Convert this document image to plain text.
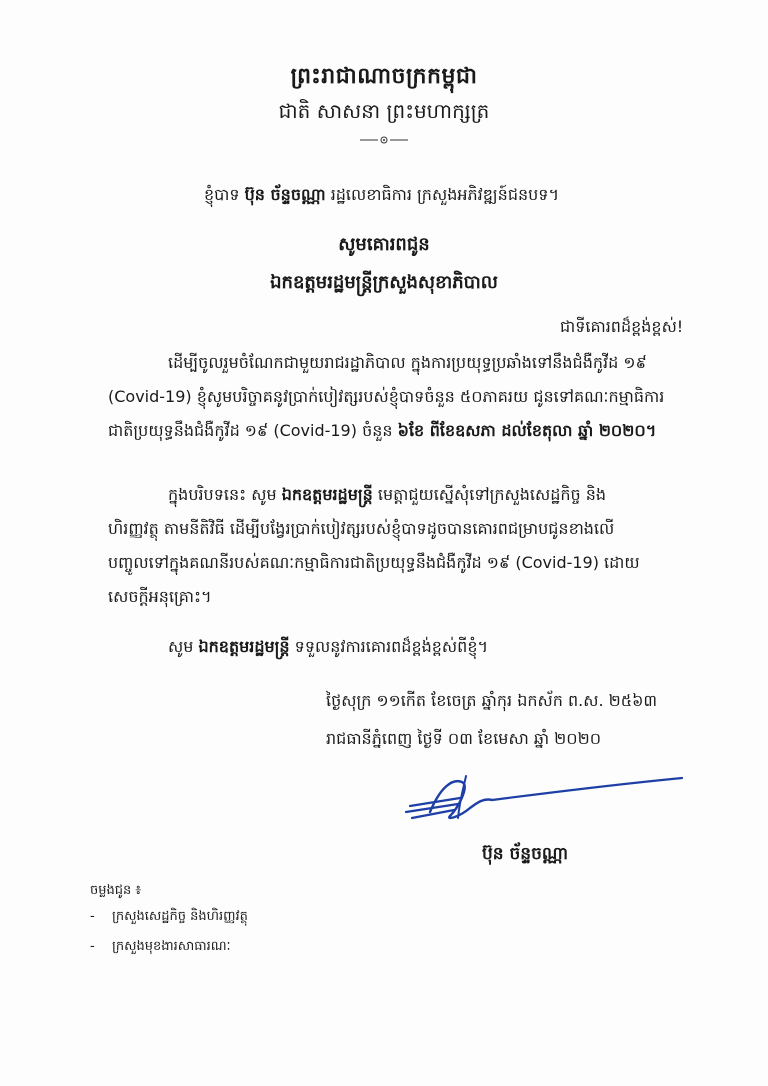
ព្រះរាជាណាចក្រកម្ពុជា
ជាតិ សាសនា ព្រះមហាក្សត្រ
ខ្ញុំបាទ ប៊ុន ច័ន្ទចណ្ណា រដ្ឋលេខាធិការ ក្រសួងអភិវឌ្ឍន៍ជនបទ។
សូមគោរពជូន
ឯកឧត្តមរដ្ឋមន្រ្តីក្រសួងសុខាភិបាល
ជាទីគោរពដ៏ខ្ពង់ខ្ពស់!
ដើម្បីចូលរួមចំណែកជាមួយរាជរដ្ឋាភិបាល ក្នុងការប្រយុទ្ធប្រឆាំងទៅនឹងជំងឺកូវីដ ១៩
(Covid-19) ខ្ញុំសូមបរិច្ចាគនូវប្រាក់បៀវត្សរបស់ខ្ញុំបាទចំនួន ៥០ភាគរយ ជូនទៅគណៈកម្មាធិការ
ជាតិប្រយុទ្ធនឹងជំងឺកូវីដ ១៩ (Covid-19) ចំនួន ៦ខែ ពីខែឧសភា ដល់ខែតុលា ឆ្នាំ ២០២០។
ក្នុងបរិបទនេះ សូម ឯកឧត្តមរដ្ឋមន្រ្តី មេត្តាជួយស្នើសុំទៅក្រសួងសេដ្ឋកិច្ច និង
ហិរញ្ញវត្ថុ តាមនីតិវិធី ដើម្បីបង្វែរប្រាក់បៀវត្សរបស់ខ្ញុំបាទដូចបានគោរពជម្រាបជូនខាងលើ
បញ្ចូលទៅក្នុងគណនីរបស់គណៈកម្មាធិការជាតិប្រយុទ្ធនឹងជំងឺកូវីដ ១៩ (Covid-19) ដោយ
សេចក្តីអនុគ្រោះ។
សូម ឯកឧត្តមរដ្ឋមន្រ្តី ទទួលនូវការគោរពដ៏ខ្ពង់ខ្ពស់ពីខ្ញុំ។
ថ្ងៃសុក្រ ១១កើត ខែចេត្រ ឆ្នាំកុរ ឯកស័ក ព.ស. ២៥៦៣
រាជធានីភ្នំពេញ ថ្ងៃទី ០៣ ខែមេសា ឆ្នាំ ២០២០
ប៊ុន ច័ន្ទចណ្ណា
ចម្លងជូន ៖
- ក្រសួងសេដ្ឋកិច្ច និងហិរញ្ញវត្ថុ
- ក្រសួងមុខងារសាធារណៈ
